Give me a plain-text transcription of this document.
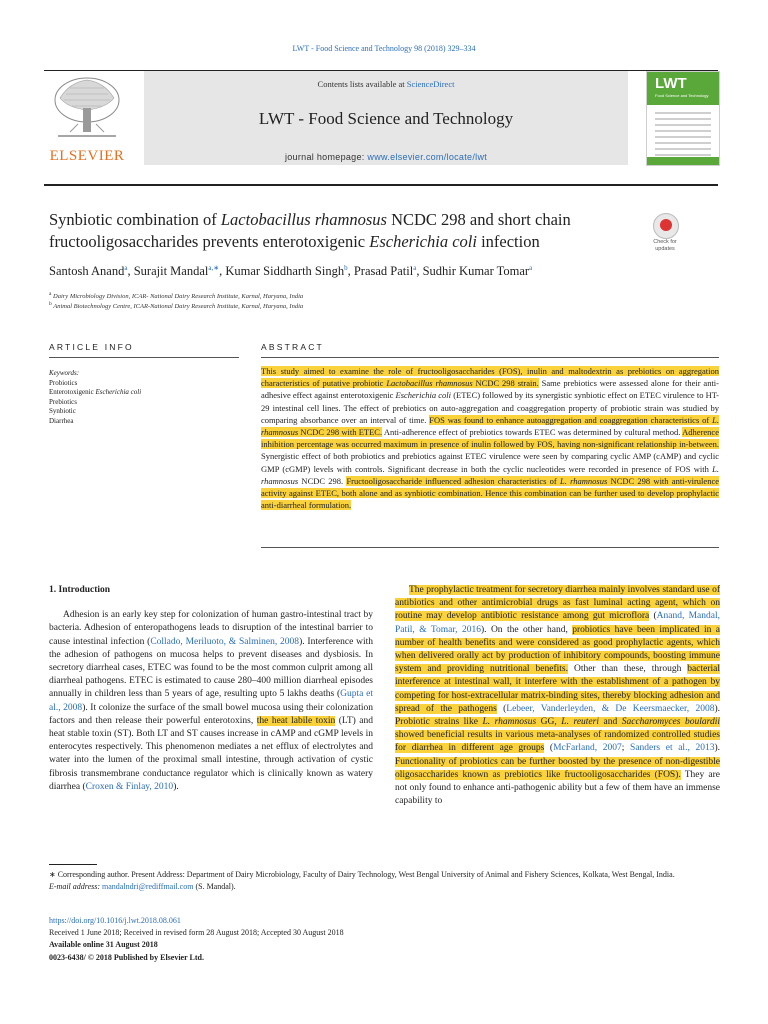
LWT - Food Science and Technology 98 (2018) 329–334
ELSEVIER
Contents lists available at ScienceDirect
LWT - Food Science and Technology
journal homepage: www.elsevier.com/locate/lwt
LWT
Food Science and Technology
Synbiotic combination of Lactobacillus rhamnosus NCDC 298 and short chain fructooligosaccharides prevents enterotoxigenic Escherichia coli infection	Check for
updates
Santosh Anand$^a$, Surajit Mandal$^{a,∗}$, Kumar Siddharth Singh$^b$, Prasad Patil$^a$, Sudhir Kumar Tomar$^a$
$^a$ Dairy Microbiology Division, ICAR- National Dairy Research Institute, Karnal, Haryana, India
$^b$ Animal Biotechnology Centre, ICAR-National Dairy Research Institute, Karnal, Haryana, India
ARTICLE INFO	ABSTRACT
Keywords:
Probiotics
Enterotoxigenic Escherichia coli
Prebiotics
Synbiotic
Diarrhea
This study aimed to examine the role of fructooligosaccharides (FOS), inulin and maltodextrin as prebiotics on aggregation characteristics of putative probiotic Lactobacillus rhamnosus NCDC 298 strain. Same prebiotics were assessed alone for their anti-adhesive effect against enterotoxigenic Escherichia coli (ETEC) followed by its synergistic synbiotic effect on ETEC virulence to HT-29 intestinal cell lines. The effect of prebiotics on auto-aggregation and coaggregation property of probiotic strain was studied by comparing absorbance over an interval of time. FOS was found to enhance autoaggregation and coaggregation characteristics of L. rhamnosus NCDC 298 with ETEC. Anti-adherence effect of prebiotics towards ETEC was determined by cultural method. Adherence inhibition percentage was occurred maximum in presence of inulin followed by FOS, having non-significant relationship in-between. Synergistic effect of both probiotics and prebiotics against ETEC virulence were seen by comparing cyclic AMP (cAMP) and cyclic GMP (cGMP) levels with controls. Significant decrease in both the cyclic nucleotides were recorded in presence of FOS with L. rhamnosus NCDC 298. Fructooligosaccharide influenced adhesion characteristics of L. rhamnosus NCDC 298 with anti-virulence activity against ETEC, both alone and as synbiotic combination. Hence this combination can be further used to develop prophylactic anti-diarrheal formulation.
1. Introduction

Adhesion is an early key step for colonization of human gastro-intestinal tract by bacteria. Adhesion of enteropathogens leads to disruption of the intestinal barrier to cause intestinal infection (Collado, Meriluoto, & Salminen, 2008). Interference with the adhesion of pathogens on mucosa helps to prevent diseases and dysbiosis. In secretory diarrheal cases, ETEC was found to be the most common culprit among all diarrheal pathogens. ETEC is estimated to cause 280–400 million diarrheal episodes annually in children less than 5 years of age, resulting upto 5 lakhs deaths (Gupta et al., 2008). It colonize the surface of the small bowel mucosa using their colonization factors and then release their powerful enterotoxins, the heat labile toxin (LT) and heat stable toxin (ST). Both LT and ST causes increase in cAMP and cGMP levels in enterocytes respectively. This phenomenon mediates a net efflux of electrolytes and water into the lumen of the proximal small intestine, through activation of cystic fibrosis transmembrane conductance regulator which is clinically known as watery diarrhea (Croxen & Finlay, 2010).

The prophylactic treatment for secretory diarrhea mainly involves standard use of antibiotics and other antimicrobial drugs as fast luminal acting agent, which on routine may develop antibiotic resistance among gut microflora (Anand, Mandal, Patil, & Tomar, 2016). On the other hand, probiotics have been implicated in a number of health benefits and were considered as good prophylactic agents, which when delivered orally act by production of inhibitory compounds, boosting immune system and providing nutritional benefits. Other than these, through bacterial interference at intestinal wall, it interfere with the establishment of a pathogen by competing for host-extracellular matrix-binding sites, thereby blocking adhesion and spread of the pathogens (Lebeer, Vanderleyden, & De Keersmaecker, 2008). Probiotic strains like L. rhamnosus GG, L. reuteri and Saccharomyces boulardii showed beneficial results in various meta-analyses of randomized controlled studies for diarrhea in different age groups (McFarland, 2007; Sanders et al., 2013). Functionality of probiotics can be further boosted by the presence of non-digestible oligosaccharides known as prebiotics like fructooligosaccharides (FOS). They are not only found to enhance anti-pathogenic ability but a few of them have an immense capability to

∗ Corresponding author. Present Address: Department of Dairy Microbiology, Faculty of Dairy Technology, West Bengal University of Animal and Fishery Sciences, Kolkata, West Bengal, India.
E-mail address: mandalndri@rediffmail.com (S. Mandal).
https://doi.org/10.1016/j.lwt.2018.08.061
Received 1 June 2018; Received in revised form 28 August 2018; Accepted 30 August 2018
Available online 31 August 2018
0023-6438/ © 2018 Published by Elsevier Ltd.
